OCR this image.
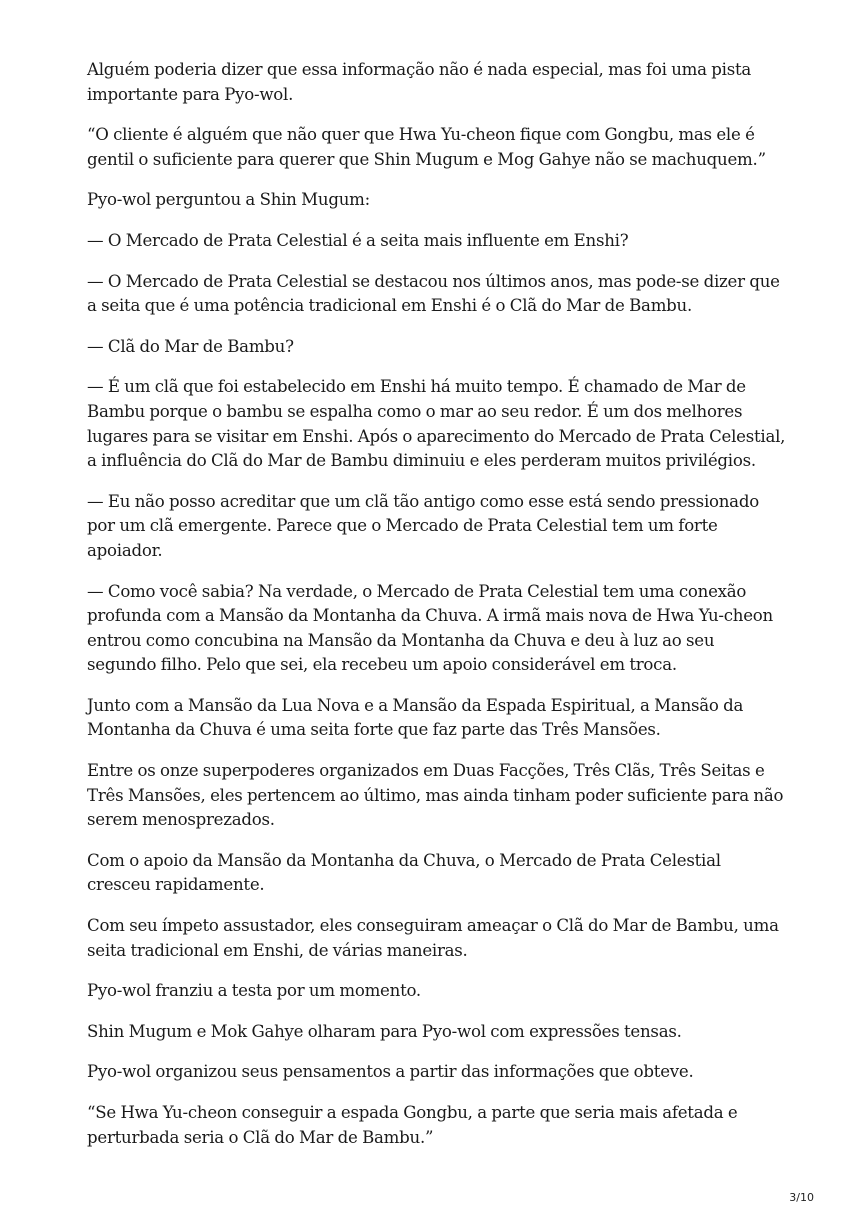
Alguém poderia dizer que essa informação não é nada especial, mas foi uma pista importante para Pyo-wol.

“O cliente é alguém que não quer que Hwa Yu-cheon fique com Gongbu, mas ele é gentil o suficiente para querer que Shin Mugum e Mog Gahye não se machuquem.”

Pyo-wol perguntou a Shin Mugum:

— O Mercado de Prata Celestial é a seita mais influente em Enshi?

— O Mercado de Prata Celestial se destacou nos últimos anos, mas pode-se dizer que a seita que é uma potência tradicional em Enshi é o Clã do Mar de Bambu.

— Clã do Mar de Bambu?

— É um clã que foi estabelecido em Enshi há muito tempo. É chamado de Mar de Bambu porque o bambu se espalha como o mar ao seu redor. É um dos melhores lugares para se visitar em Enshi. Após o aparecimento do Mercado de Prata Celestial, a influência do Clã do Mar de Bambu diminuiu e eles perderam muitos privilégios.

— Eu não posso acreditar que um clã tão antigo como esse está sendo pressionado por um clã emergente. Parece que o Mercado de Prata Celestial tem um forte apoiador.

— Como você sabia? Na verdade, o Mercado de Prata Celestial tem uma conexão profunda com a Mansão da Montanha da Chuva. A irmã mais nova de Hwa Yu-cheon entrou como concubina na Mansão da Montanha da Chuva e deu à luz ao seu segundo filho. Pelo que sei, ela recebeu um apoio considerável em troca.

Junto com a Mansão da Lua Nova e a Mansão da Espada Espiritual, a Mansão da Montanha da Chuva é uma seita forte que faz parte das Três Mansões.

Entre os onze superpoderes organizados em Duas Facções, Três Clãs, Três Seitas e Três Mansões, eles pertencem ao último, mas ainda tinham poder suficiente para não serem menosprezados.

Com o apoio da Mansão da Montanha da Chuva, o Mercado de Prata Celestial cresceu rapidamente.

Com seu ímpeto assustador, eles conseguiram ameaçar o Clã do Mar de Bambu, uma seita tradicional em Enshi, de várias maneiras.

Pyo-wol franziu a testa por um momento.

Shin Mugum e Mok Gahye olharam para Pyo-wol com expressões tensas.

Pyo-wol organizou seus pensamentos a partir das informações que obteve.

“Se Hwa Yu-cheon conseguir a espada Gongbu, a parte que seria mais afetada e perturbada seria o Clã do Mar de Bambu.”

3/10
